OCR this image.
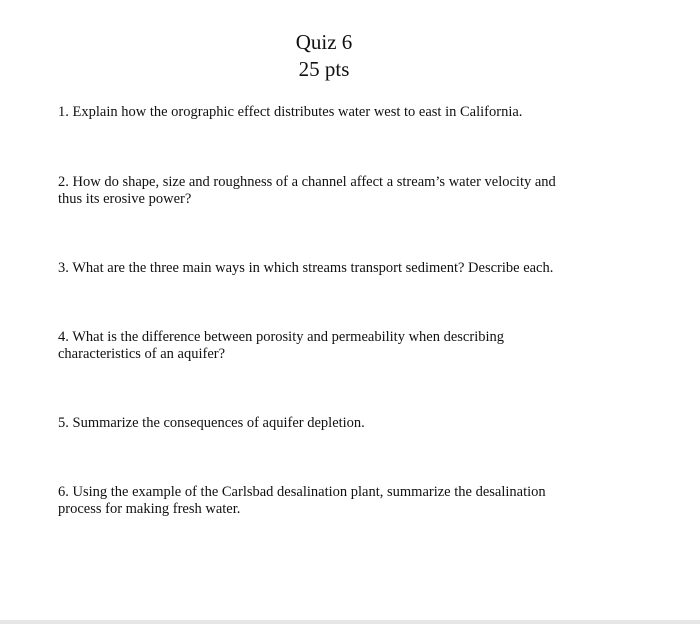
Quiz 6
25 pts
1. Explain how the orographic effect distributes water west to east in California.
2. How do shape, size and roughness of a channel affect a stream’s water velocity and
thus its erosive power?
3. What are the three main ways in which streams transport sediment? Describe each.
4. What is the difference between porosity and permeability when describing
characteristics of an aquifer?
5. Summarize the consequences of aquifer depletion.
6. Using the example of the Carlsbad desalination plant, summarize the desalination
process for making fresh water.
